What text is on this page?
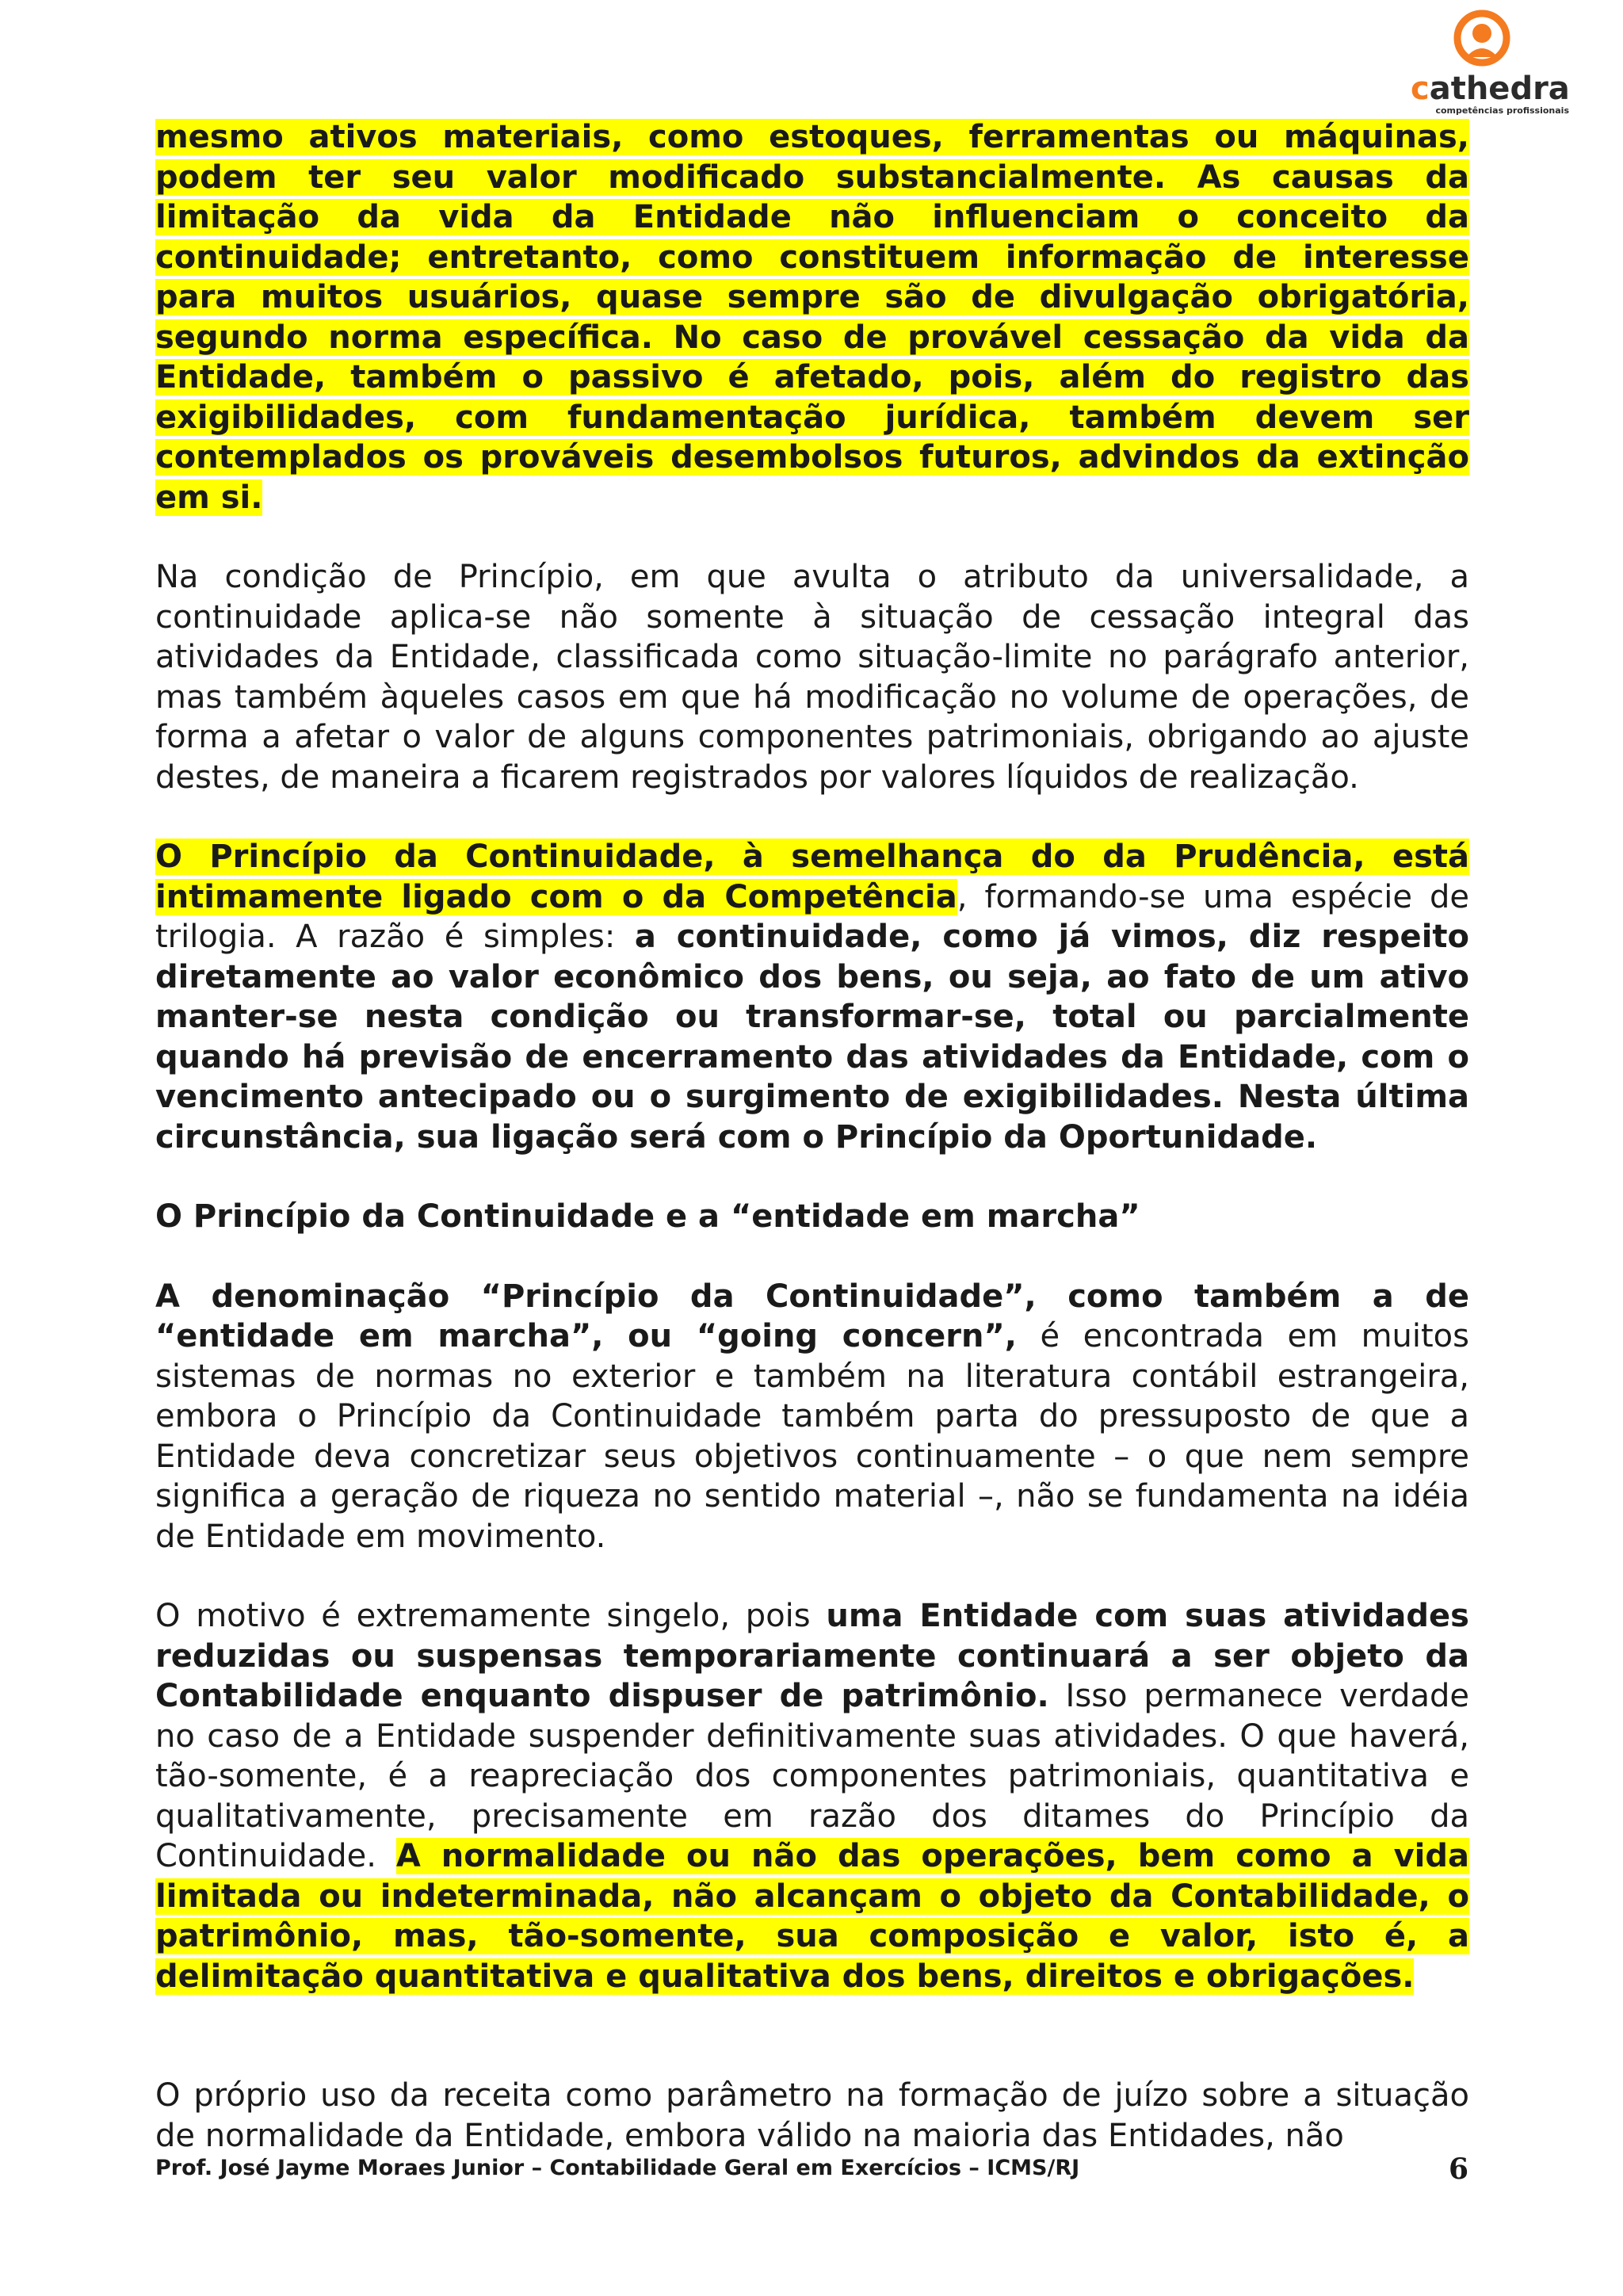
cathedra
competências profissionais

mesmo ativos materiais, como estoques, ferramentas ou máquinas, podem ter seu valor modificado substancialmente. As causas da limitação da vida da Entidade não influenciam o conceito da continuidade; entretanto, como constituem informação de interesse para muitos usuários, quase sempre são de divulgação obrigatória, segundo norma específica. No caso de provável cessação da vida da Entidade, também o passivo é afetado, pois, além do registro das exigibilidades, com fundamentação jurídica, também devem ser contemplados os prováveis desembolsos futuros, advindos da extinção em si.

Na condição de Princípio, em que avulta o atributo da universalidade, a continuidade aplica-se não somente à situação de cessação integral das atividades da Entidade, classificada como situação-limite no parágrafo anterior, mas também àqueles casos em que há modificação no volume de operações, de forma a afetar o valor de alguns componentes patrimoniais, obrigando ao ajuste destes, de maneira a ficarem registrados por valores líquidos de realização.

O Princípio da Continuidade, à semelhança do da Prudência, está intimamente ligado com o da Competência, formando-se uma espécie de trilogia. A razão é simples: a continuidade, como já vimos, diz respeito diretamente ao valor econômico dos bens, ou seja, ao fato de um ativo manter-se nesta condição ou transformar-se, total ou parcialmente quando há previsão de encerramento das atividades da Entidade, com o vencimento antecipado ou o surgimento de exigibilidades. Nesta última circunstância, sua ligação será com o Princípio da Oportunidade.

O Princípio da Continuidade e a “entidade em marcha”

A denominação “Princípio da Continuidade”, como também a de “entidade em marcha”, ou “going concern”, é encontrada em muitos sistemas de normas no exterior e também na literatura contábil estrangeira, embora o Princípio da Continuidade também parta do pressuposto de que a Entidade deva concretizar seus objetivos continuamente – o que nem sempre significa a geração de riqueza no sentido material –, não se fundamenta na idéia de Entidade em movimento.

O motivo é extremamente singelo, pois uma Entidade com suas atividades reduzidas ou suspensas temporariamente continuará a ser objeto da Contabilidade enquanto dispuser de patrimônio. Isso permanece verdade no caso de a Entidade suspender definitivamente suas atividades. O que haverá, tão-somente, é a reapreciação dos componentes patrimoniais, quantitativa e qualitativamente, precisamente em razão dos ditames do Princípio da Continuidade. A normalidade ou não das operações, bem como a vida limitada ou indeterminada, não alcançam o objeto da Contabilidade, o patrimônio, mas, tão-somente, sua composição e valor, isto é, a delimitação quantitativa e qualitativa dos bens, direitos e obrigações.

O próprio uso da receita como parâmetro na formação de juízo sobre a situação de normalidade da Entidade, embora válido na maioria das Entidades, não

Prof. José Jayme Moraes Junior – Contabilidade Geral em Exercícios – ICMS/RJ	6
